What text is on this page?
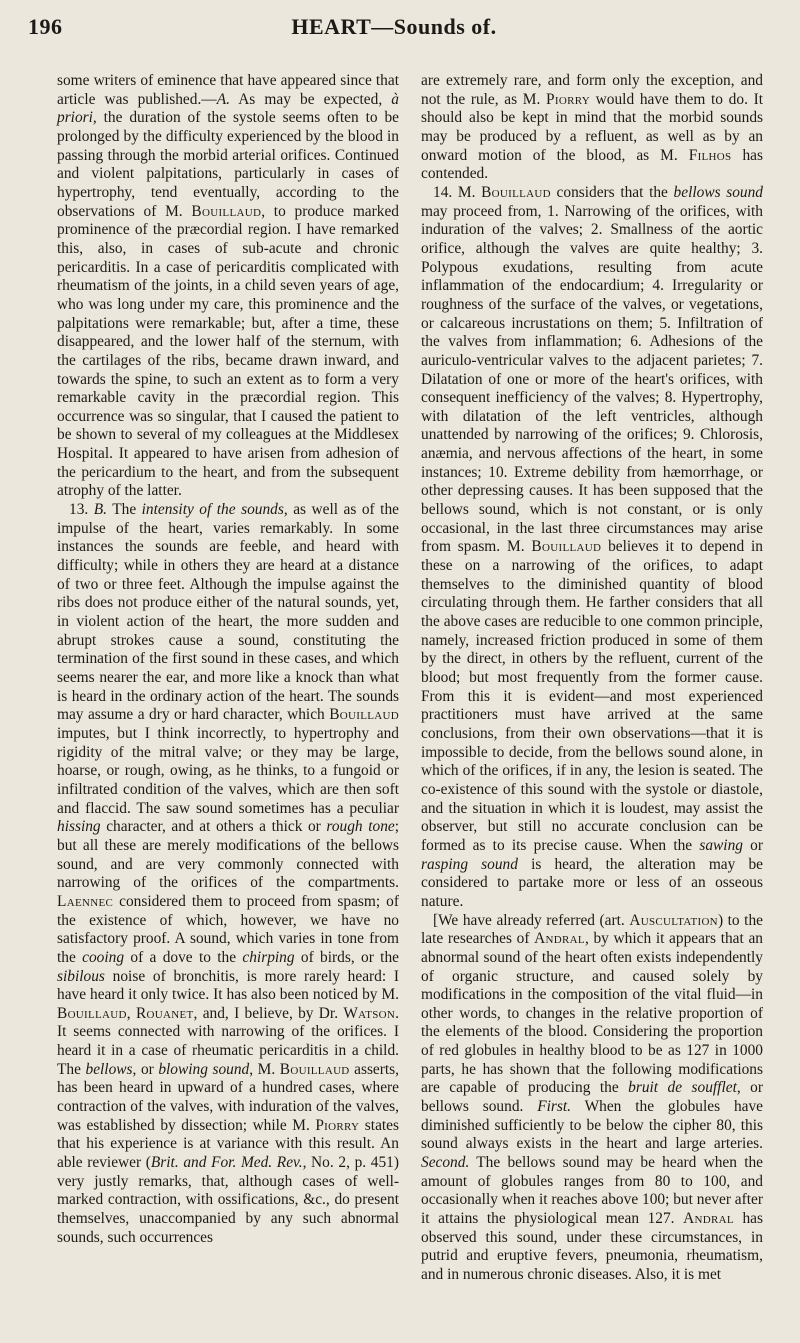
196	HEART—Sounds of.

some writers of eminence that have appeared since that article was published.—A. As may be expected, à priori, the duration of the systole seems often to be prolonged by the difficulty experienced by the blood in passing through the morbid arterial orifices. Continued and violent palpitations, particularly in cases of hypertrophy, tend eventually, according to the observations of M. Bouillaud, to produce marked prominence of the præcordial region. I have remarked this, also, in cases of sub-acute and chronic pericarditis. In a case of pericarditis complicated with rheumatism of the joints, in a child seven years of age, who was long under my care, this prominence and the palpitations were remarkable; but, after a time, these disappeared, and the lower half of the sternum, with the cartilages of the ribs, became drawn inward, and towards the spine, to such an extent as to form a very remarkable cavity in the præcordial region. This occurrence was so singular, that I caused the patient to be shown to several of my colleagues at the Middlesex Hospital. It appeared to have arisen from adhesion of the pericardium to the heart, and from the subsequent atrophy of the latter.

13. B. The intensity of the sounds, as well as of the impulse of the heart, varies remarkably. In some instances the sounds are feeble, and heard with difficulty; while in others they are heard at a distance of two or three feet. Although the impulse against the ribs does not produce either of the natural sounds, yet, in violent action of the heart, the more sudden and abrupt strokes cause a sound, constituting the termination of the first sound in these cases, and which seems nearer the ear, and more like a knock than what is heard in the ordinary action of the heart. The sounds may assume a dry or hard character, which Bouillaud imputes, but I think incorrectly, to hypertrophy and rigidity of the mitral valve; or they may be large, hoarse, or rough, owing, as he thinks, to a fungoid or infiltrated condition of the valves, which are then soft and flaccid. The saw sound sometimes has a peculiar hissing character, and at others a thick or rough tone; but all these are merely modifications of the bellows sound, and are very commonly connected with narrowing of the orifices of the compartments. Laennec considered them to proceed from spasm; of the existence of which, however, we have no satisfactory proof. A sound, which varies in tone from the cooing of a dove to the chirping of birds, or the sibilous noise of bronchitis, is more rarely heard: I have heard it only twice. It has also been noticed by M. Bouillaud, Rouanet, and, I believe, by Dr. Watson. It seems connected with narrowing of the orifices. I heard it in a case of rheumatic pericarditis in a child. The bellows, or blowing sound, M. Bouillaud asserts, has been heard in upward of a hundred cases, where contraction of the valves, with induration of the valves, was established by dissection; while M. Piorry states that his experience is at variance with this result. An able reviewer (Brit. and For. Med. Rev., No. 2, p. 451) very justly remarks, that, although cases of well-marked contraction, with ossifications, &c., do present themselves, unaccompanied by any such abnormal sounds, such occurrences

are extremely rare, and form only the exception, and not the rule, as M. Piorry would have them to do. It should also be kept in mind that the morbid sounds may be produced by a refluent, as well as by an onward motion of the blood, as M. Filhos has contended.

14. M. Bouillaud considers that the bellows sound may proceed from, 1. Narrowing of the orifices, with induration of the valves; 2. Smallness of the aortic orifice, although the valves are quite healthy; 3. Polypous exudations, resulting from acute inflammation of the endocardium; 4. Irregularity or roughness of the surface of the valves, or vegetations, or calcareous incrustations on them; 5. Infiltration of the valves from inflammation; 6. Adhesions of the auriculo-ventricular valves to the adjacent parietes; 7. Dilatation of one or more of the heart's orifices, with consequent inefficiency of the valves; 8. Hypertrophy, with dilatation of the left ventricles, although unattended by narrowing of the orifices; 9. Chlorosis, anæmia, and nervous affections of the heart, in some instances; 10. Extreme debility from hæmorrhage, or other depressing causes. It has been supposed that the bellows sound, which is not constant, or is only occasional, in the last three circumstances may arise from spasm. M. Bouillaud believes it to depend in these on a narrowing of the orifices, to adapt themselves to the diminished quantity of blood circulating through them. He farther considers that all the above cases are reducible to one common principle, namely, increased friction produced in some of them by the direct, in others by the refluent, current of the blood; but most frequently from the former cause. From this it is evident—and most experienced practitioners must have arrived at the same conclusions, from their own observations—that it is impossible to decide, from the bellows sound alone, in which of the orifices, if in any, the lesion is seated. The co-existence of this sound with the systole or diastole, and the situation in which it is loudest, may assist the observer, but still no accurate conclusion can be formed as to its precise cause. When the sawing or rasping sound is heard, the alteration may be considered to partake more or less of an osseous nature.

[We have already referred (art. Auscultation) to the late researches of Andral, by which it appears that an abnormal sound of the heart often exists independently of organic structure, and caused solely by modifications in the composition of the vital fluid—in other words, to changes in the relative proportion of the elements of the blood. Considering the proportion of red globules in healthy blood to be as 127 in 1000 parts, he has shown that the following modifications are capable of producing the bruit de soufflet, or bellows sound. First. When the globules have diminished sufficiently to be below the cipher 80, this sound always exists in the heart and large arteries. Second. The bellows sound may be heard when the amount of globules ranges from 80 to 100, and occasionally when it reaches above 100; but never after it attains the physiological mean 127. Andral has observed this sound, under these circumstances, in putrid and eruptive fevers, pneumonia, rheumatism, and in numerous chronic diseases. Also, it is met
